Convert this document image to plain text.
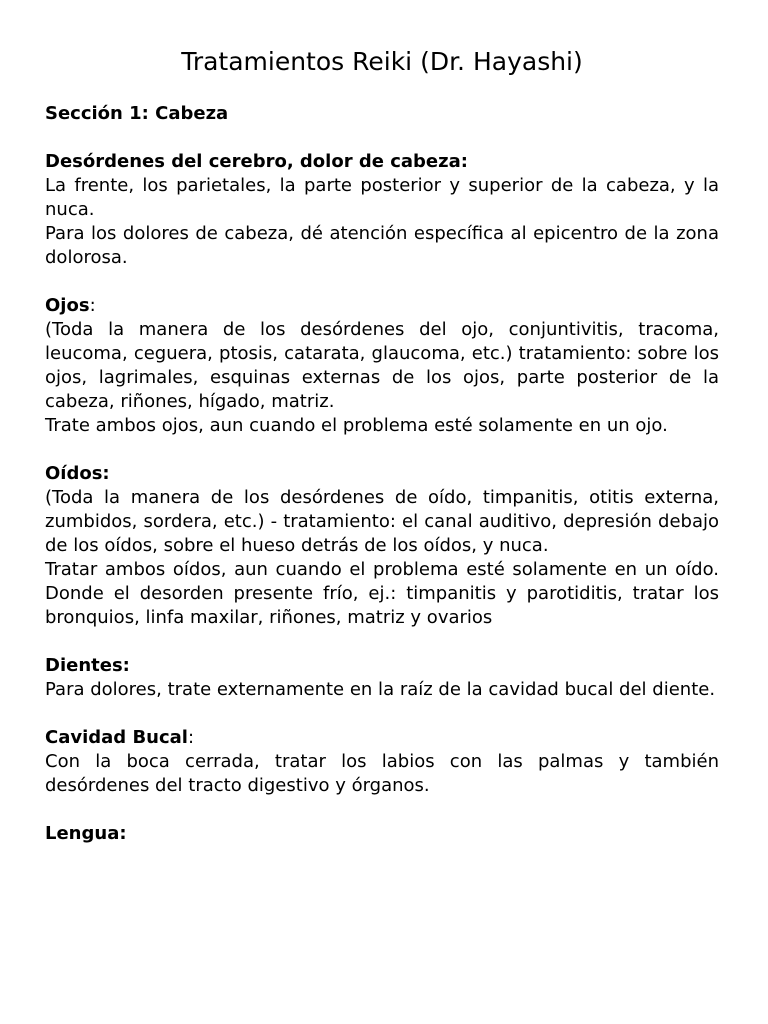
Tratamientos Reiki (Dr. Hayashi)

Sección 1: Cabeza

Desórdenes del cerebro, dolor de cabeza:

La frente, los parietales, la parte posterior y superior de la cabeza, y la nuca.

Para los dolores de cabeza, dé atención específica al epicentro de la zona dolorosa.

Ojos:

(Toda la manera de los desórdenes del ojo, conjuntivitis, tracoma, leucoma, ceguera, ptosis, catarata, glaucoma, etc.) tratamiento: sobre los ojos, lagrimales, esquinas externas de los ojos, parte posterior de la cabeza, riñones, hígado, matriz.

Trate ambos ojos, aun cuando el problema esté solamente en un ojo.

Oídos:

(Toda la manera de los desórdenes de oído, timpanitis, otitis externa, zumbidos, sordera, etc.) - tratamiento: el canal auditivo, depresión debajo de los oídos, sobre el hueso detrás de los oídos, y nuca.

Tratar ambos oídos, aun cuando el problema esté solamente en un oído. Donde el desorden presente frío, ej.: timpanitis y parotiditis, tratar los bronquios, linfa maxilar, riñones, matriz y ovarios

Dientes:

Para dolores, trate externamente en la raíz de la cavidad bucal del diente.

Cavidad Bucal:

Con la boca cerrada, tratar los labios con las palmas y también desórdenes del tracto digestivo y órganos.

Lengua:
